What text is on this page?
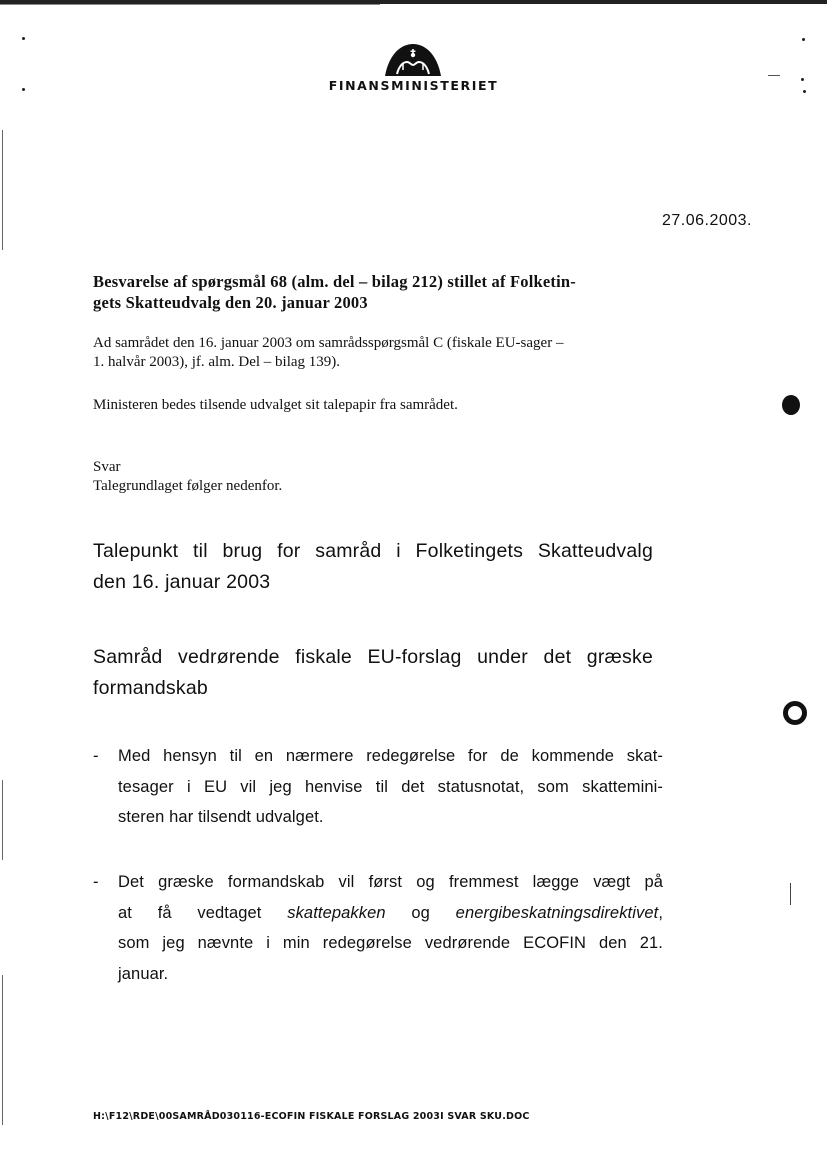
FINANSMINISTERIET
27.06.2003.
Besvarelse af spørgsmål 68 (alm. del – bilag 212) stillet af Folketin-
gets Skatteudvalg den 20. januar 2003
Ad samrådet den 16. januar 2003 om samrådsspørgsmål C (fiskale EU-sager –
1. halvår 2003), jf. alm. Del – bilag 139).
Ministeren bedes tilsende udvalget sit talepapir fra samrådet.
Svar
Talegrundlaget følger nedenfor.
Talepunkt til brug for samråd i Folketingets Skatteudvalg
den 16. januar 2003
Samråd vedrørende fiskale EU-forslag under det græske
formandskab
- Med hensyn til en nærmere redegørelse for de kommende skat-
tesager i EU vil jeg henvise til det statusnotat, som skattemini-
steren har tilsendt udvalget.
- Det græske formandskab vil først og fremmest lægge vægt på
at få vedtaget skattepakken og energibeskatningsdirektivet,
som jeg nævnte i min redegørelse vedrørende ECOFIN den 21.
januar.
H:\F12\RDE\00SAMRÅD030116-ECOFIN FISKALE FORSLAG 2003I SVAR SKU.DOC
